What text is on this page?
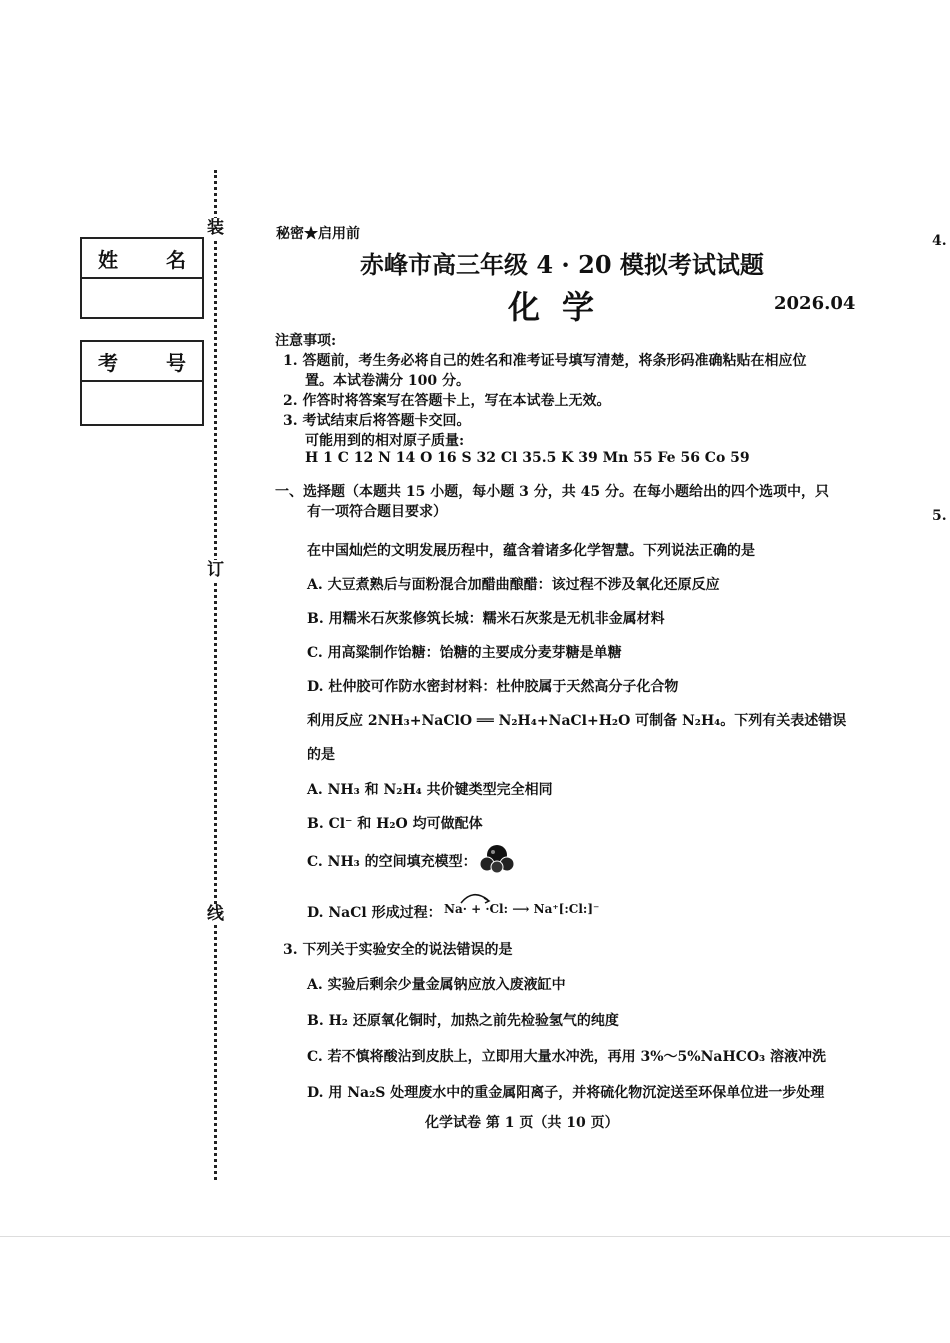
装
订
线
姓 名
考 号
秘密★启用前
赤峰市高三年级 4 · 20 模拟考试试题
化学	2026.04
注意事项:
1. 答题前，考生务必将自己的姓名和准考证号填写清楚，将条形码准确粘贴在相应位
置。本试卷满分 100 分。
2. 作答时将答案写在答题卡上，写在本试卷上无效。
3. 考试结束后将答题卡交回。
可能用到的相对原子质量:
H 1 C 12 N 14 O 16 S 32 Cl 35.5 K 39 Mn 55 Fe 56 Co 59
一、选择题（本题共 15 小题，每小题 3 分，共 45 分。在每小题给出的四个选项中，只
有一项符合题目要求）
在中国灿烂的文明发展历程中，蕴含着诸多化学智慧。下列说法正确的是
A. 大豆煮熟后与面粉混合加醋曲酿醋：该过程不涉及氧化还原反应
B. 用糯米石灰浆修筑长城：糯米石灰浆是无机非金属材料
C. 用高粱制作饴糖：饴糖的主要成分麦芽糖是单糖
D. 杜仲胶可作防水密封材料：杜仲胶属于天然高分子化合物
利用反应 2NH₃+NaClO ══ N₂H₄+NaCl+H₂O 可制备 N₂H₄。下列有关表述错误
的是
A. NH₃ 和 N₂H₄ 共价键类型完全相同
B. Cl⁻ 和 H₂O 均可做配体
C. NH₃ 的空间填充模型：
D. NaCl 形成过程： Na· + ·Cl: ⟶ Na⁺[:Cl:]⁻
3. 下列关于实验安全的说法错误的是
A. 实验后剩余少量金属钠应放入废液缸中
B. H₂ 还原氧化铜时，加热之前先检验氢气的纯度
C. 若不慎将酸沾到皮肤上，立即用大量水冲洗，再用 3%～5%NaHCO₃ 溶液冲洗
D. 用 Na₂S 处理废水中的重金属阳离子，并将硫化物沉淀送至环保单位进一步处理
化学试卷 第 1 页（共 10 页）
4.
5.
